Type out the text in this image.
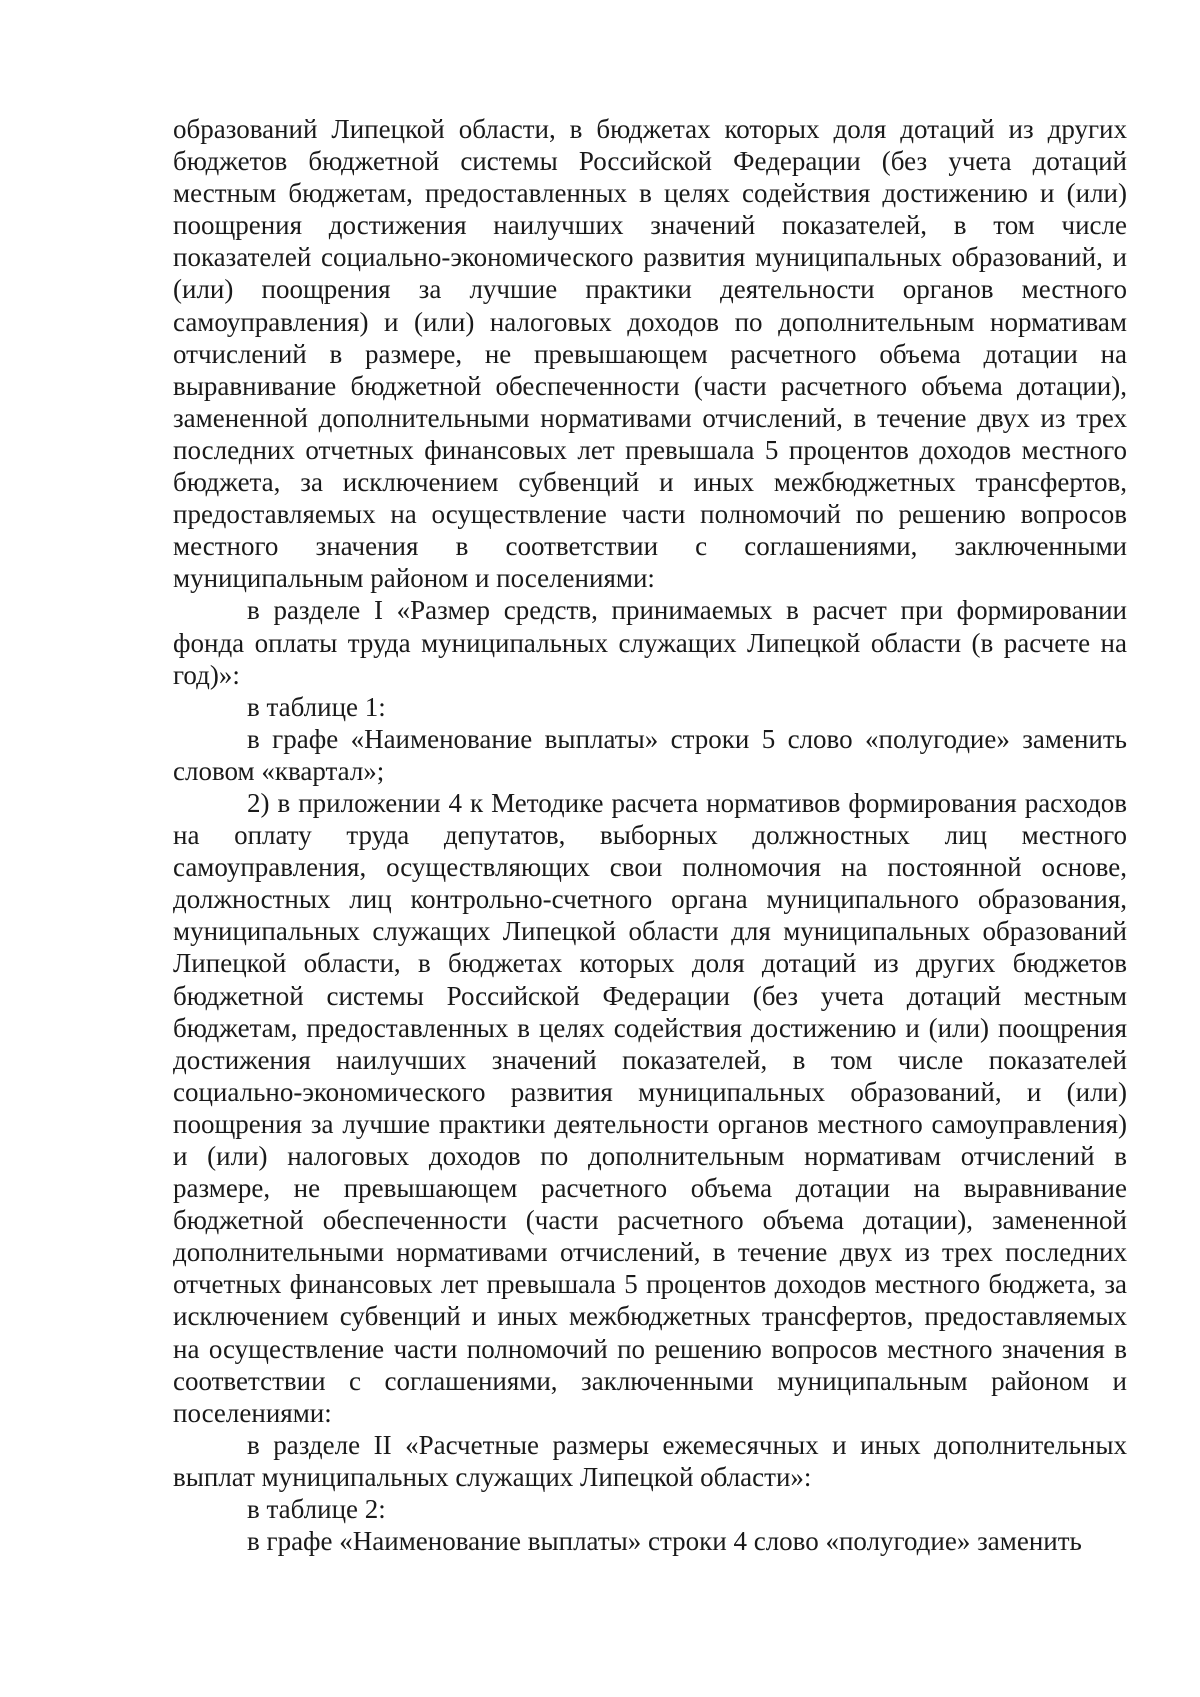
образований Липецкой области, в бюджетах которых доля дотаций из других бюджетов бюджетной системы Российской Федерации (без учета дотаций местным бюджетам, предоставленных в целях содействия достижению и (или) поощрения достижения наилучших значений показателей, в том числе показателей социально-экономического развития муниципальных образований, и (или) поощрения за лучшие практики деятельности органов местного самоуправления) и (или) налоговых доходов по дополнительным нормативам отчислений в размере, не превышающем расчетного объема дотации на выравнивание бюджетной обеспеченности (части расчетного объема дотации), замененной дополнительными нормативами отчислений, в течение двух из трех последних отчетных финансовых лет превышала 5 процентов доходов местного бюджета, за исключением субвенций и иных межбюджетных трансфертов, предоставляемых на осуществление части полномочий по решению вопросов местного значения в соответствии с соглашениями, заключенными муниципальным районом и поселениями:

в разделе I «Размер средств, принимаемых в расчет при формировании фонда оплаты труда муниципальных служащих Липецкой области (в расчете на год)»:

в таблице 1:

в графе «Наименование выплаты» строки 5 слово «полугодие» заменить словом «квартал»;

2) в приложении 4 к Методике расчета нормативов формирования расходов на оплату труда депутатов, выборных должностных лиц местного самоуправления, осуществляющих свои полномочия на постоянной основе, должностных лиц контрольно-счетного органа муниципального образования, муниципальных служащих Липецкой области для муниципальных образований Липецкой области, в бюджетах которых доля дотаций из других бюджетов бюджетной системы Российской Федерации (без учета дотаций местным бюджетам, предоставленных в целях содействия достижению и (или) поощрения достижения наилучших значений показателей, в том числе показателей социально-экономического развития муниципальных образований, и (или) поощрения за лучшие практики деятельности органов местного самоуправления) и (или) налоговых доходов по дополнительным нормативам отчислений в размере, не превышающем расчетного объема дотации на выравнивание бюджетной обеспеченности (части расчетного объема дотации), замененной дополнительными нормативами отчислений, в течение двух из трех последних отчетных финансовых лет превышала 5 процентов доходов местного бюджета, за исключением субвенций и иных межбюджетных трансфертов, предоставляемых на осуществление части полномочий по решению вопросов местного значения в соответствии с соглашениями, заключенными муниципальным районом и поселениями:

в разделе II «Расчетные размеры ежемесячных и иных дополнительных выплат муниципальных служащих Липецкой области»:

в таблице 2:

в графе «Наименование выплаты» строки 4 слово «полугодие» заменить
